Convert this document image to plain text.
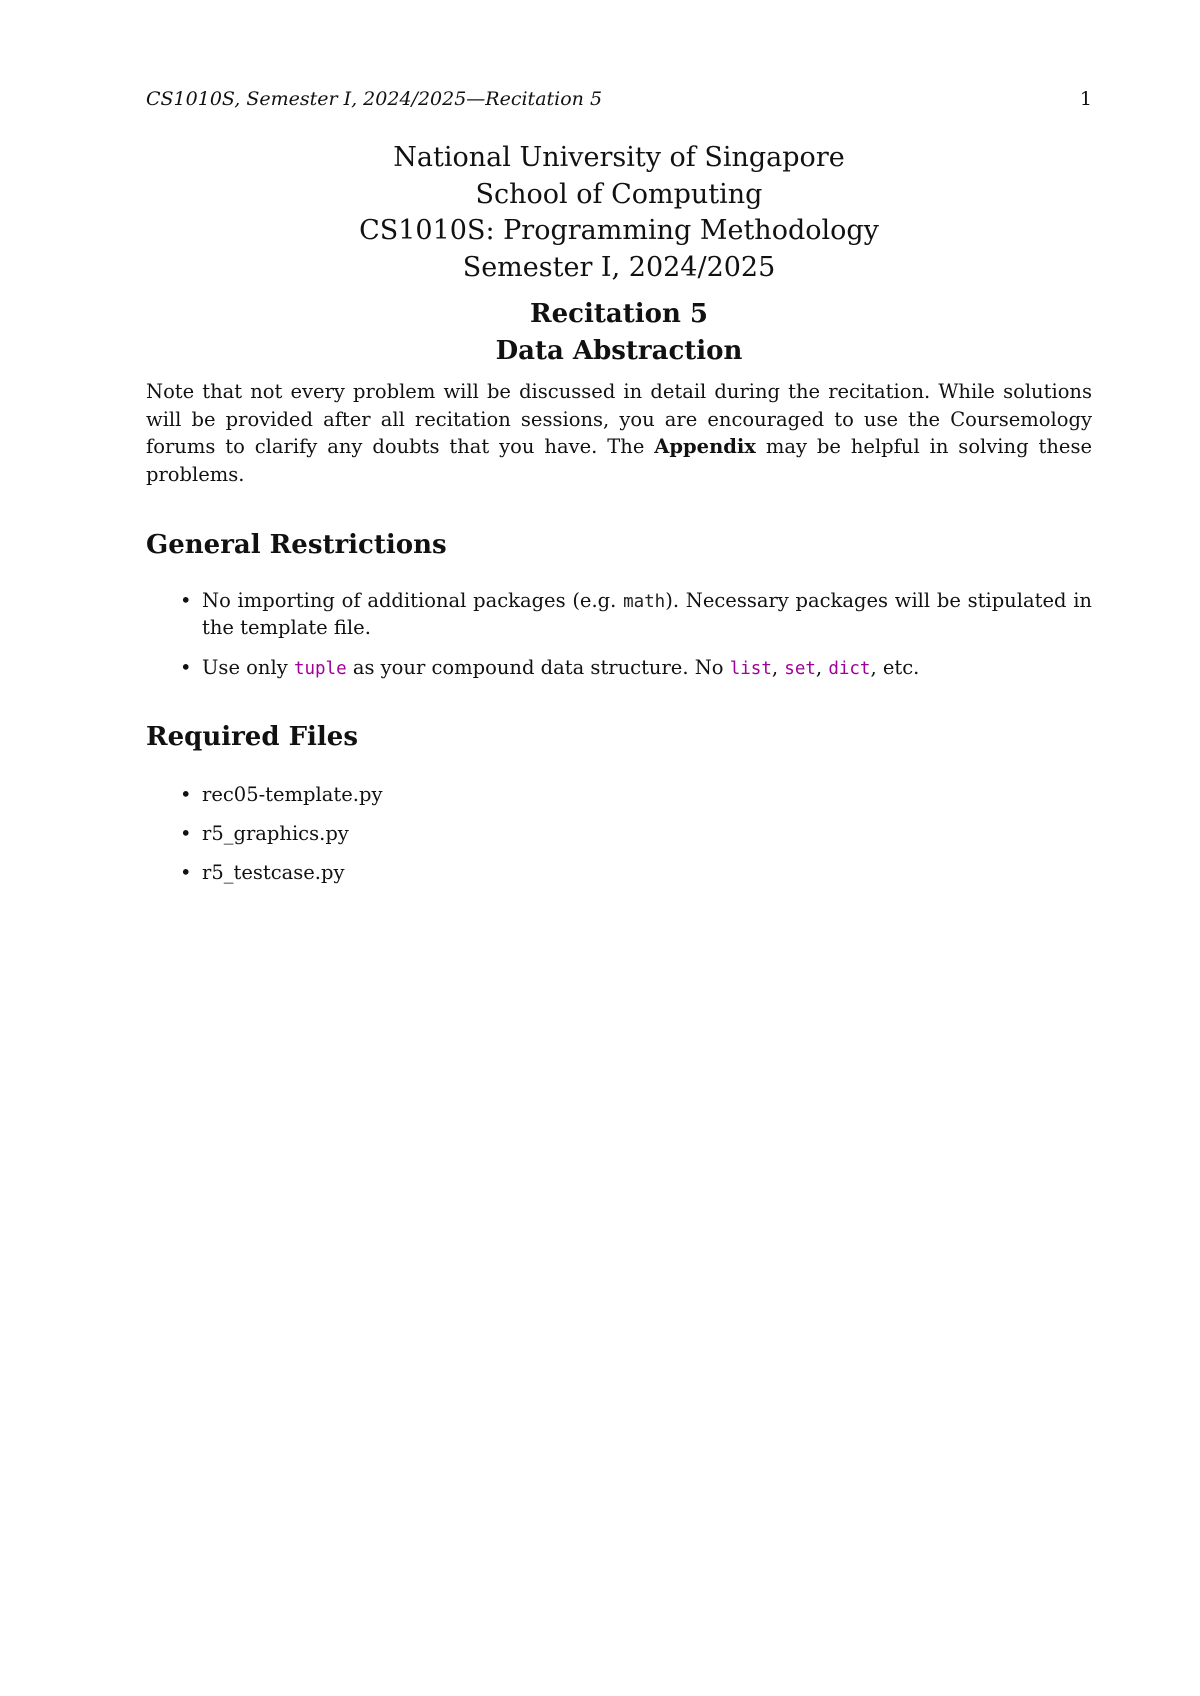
CS1010S, Semester I, 2024/2025—Recitation 5	1
National University of Singapore
School of Computing
CS1010S: Programming Methodology
Semester I, 2024/2025
Recitation 5
Data Abstraction

Note that not every problem will be discussed in detail during the recitation. While solutions will be provided after all recitation sessions, you are encouraged to use the Coursemology forums to clarify any doubts that you have. The Appendix may be helpful in solving these problems.

General Restrictions
• No importing of additional packages (e.g. math). Necessary packages will be stipulated in the template file.
• Use only tuple as your compound data structure. No list, set, dict, etc.
Required Files
• rec05-template.py
• r5_graphics.py
• r5_testcase.py
